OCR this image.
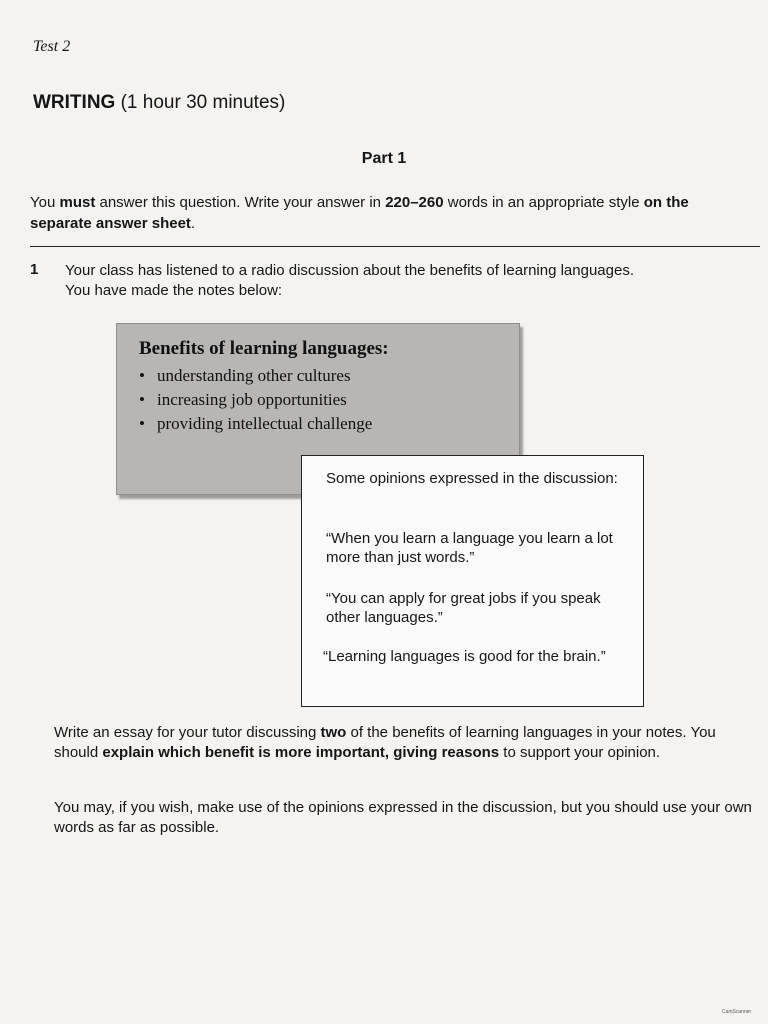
Test 2
WRITING (1 hour 30 minutes)
Part 1
You must answer this question. Write your answer in 220–260 words in an appropriate style on the separate answer sheet.
1 Your class has listened to a radio discussion about the benefits of learning languages.
You have made the notes below:
Benefits of learning languages:
• understanding other cultures
• increasing job opportunities
• providing intellectual challenge
Some opinions expressed in the discussion:
“When you learn a language you learn a lot more than just words.”
“You can apply for great jobs if you speak other languages.”
“Learning languages is good for the brain.”
Write an essay for your tutor discussing two of the benefits of learning languages in your notes. You should explain which benefit is more important, giving reasons to support your opinion.
You may, if you wish, make use of the opinions expressed in the discussion, but you should use your own words as far as possible.
CamScanner
